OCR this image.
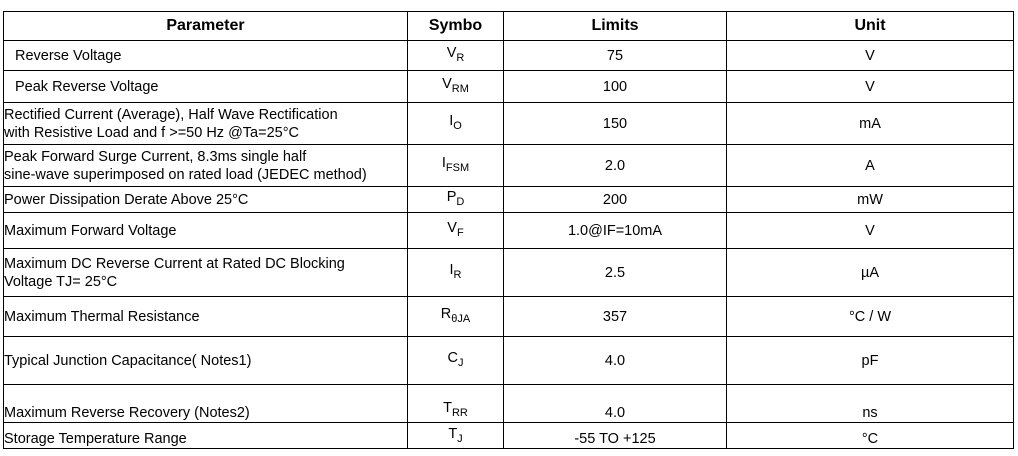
Parameter	Symbo	Limits	Unit

Reverse Voltage	$V_R$	75	V

Peak Reverse Voltage	$V_{RM}$	100	V

Rectified Current (Average), Half Wave Rectification
with Resistive Load and f >=50 Hz @Ta=25°C	$I_O$	150	mA

Peak Forward Surge Current, 8.3ms single half
sine-wave superimposed on rated load (JEDEC method)	$I_{FSM}$	2.0	A

Power Dissipation Derate Above 25°C	$P_D$	200	mW

Maximum Forward Voltage	$V_F$	1.0@IF=10mA	V

Maximum DC Reverse Current at Rated DC Blocking
Voltage TJ= 25°C	$I_R$	2.5	µA

Maximum Thermal Resistance	$R_{\theta JA}$	357	°C / W

Typical Junction Capacitance( Notes1)	$C_J$	4.0	pF

Maximum Reverse Recovery (Notes2)	$T_{RR}$	4.0	ns

Storage Temperature Range	$T_J$	-55 TO +125	°C
